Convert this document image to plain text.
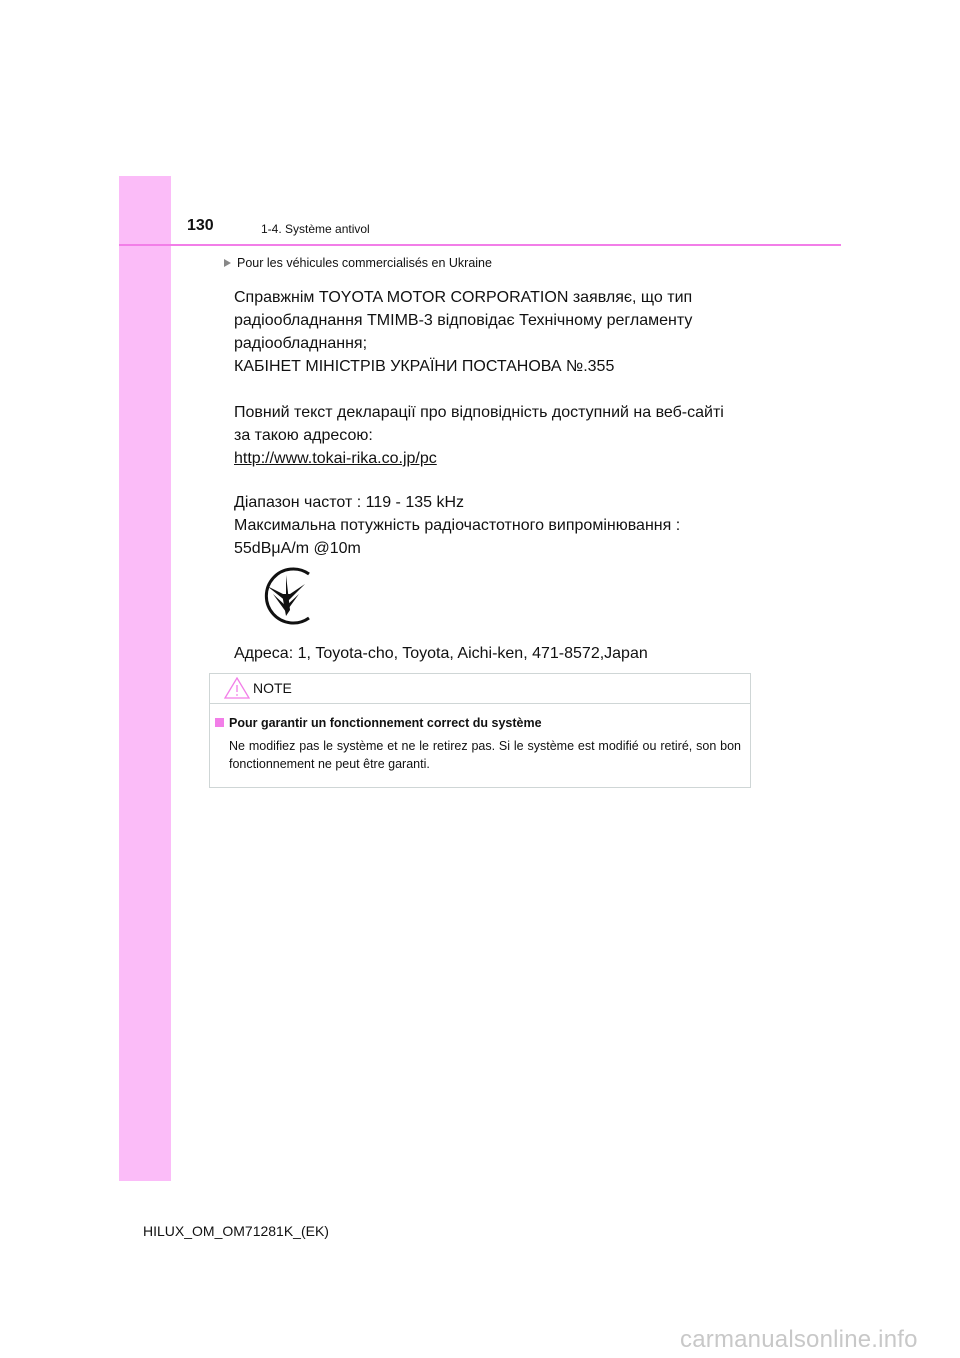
130	1-4. Système antivol
Pour les véhicules commercialisés en Ukraine
Справжнім TOYOTA MOTOR CORPORATION заявляє, що тип
радіообладнання TMIMB-3 відповідає Технічному регламенту
радіообладнання;
КАБІНЕТ МІНІСТРІВ УКРАЇНИ ПОСТАНОВА №.355
Повний текст декларації про відповідність доступний на веб-сайті
за такою адресою:
http://www.tokai-rika.co.jp/pc
Діапазон частот : 119 - 135 kHz
Максимальна потужність радіочастотного випромінювання :
55dBμA/m @10m
Адреса: 1, Toyota-cho, Toyota, Aichi-ken, 471-8572,Japan
NOTE
Pour garantir un fonctionnement correct du système
Ne modifiez pas le système et ne le retirez pas. Si le système est modifié ou retiré, son bon fonctionnement ne peut être garanti.
HILUX_OM_OM71281K_(EK)
carmanualsonline.info
